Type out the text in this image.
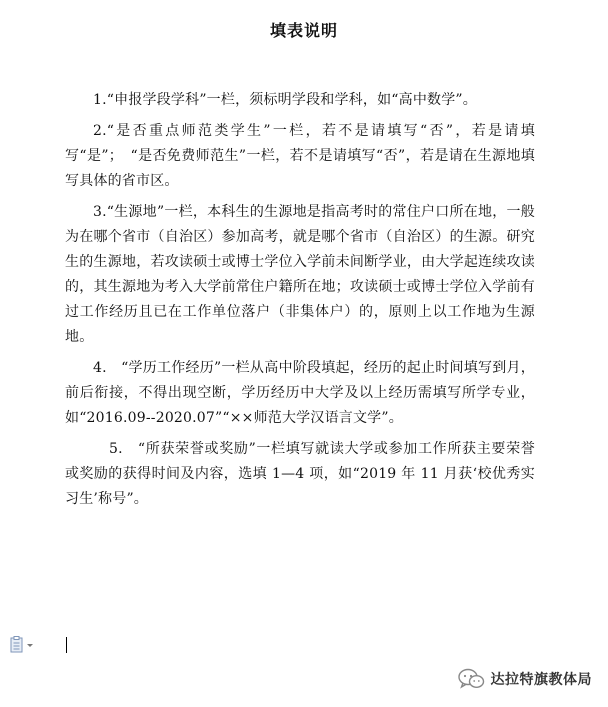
填表说明

1.“申报学段学科”一栏，须标明学段和学科，如“高中数学”。

2.“是否重点师范类学生”一栏，若不是请填写“否”，若是请填写“是”；　“是否免费师范生”一栏，若不是请填写“否”，若是请在生源地填写具体的省市区。

3.“生源地”一栏，本科生的生源地是指高考时的常住户口所在地，一般为在哪个省市（自治区）参加高考，就是哪个省市（自治区）的生源。研究生的生源地，若攻读硕士或博士学位入学前未间断学业，由大学起连续攻读的，其生源地为考入大学前常住户籍所在地；攻读硕士或博士学位入学前有过工作经历且已在工作单位落户（非集体户）的，原则上以工作地为生源地。

4.　“学历工作经历”一栏从高中阶段填起，经历的起止时间填写到月，前后衔接，不得出现空断，学历经历中大学及以上经历需填写所学专业，如“2016.09--2020.07”“××师范大学汉语言文学”。

5.　“所获荣誉或奖励”一栏填写就读大学或参加工作所获主要荣誉或奖励的获得时间及内容，选填 1—4 项，如“2019 年 11 月获‘校优秀实习生’称号”。

达拉特旗教体局
